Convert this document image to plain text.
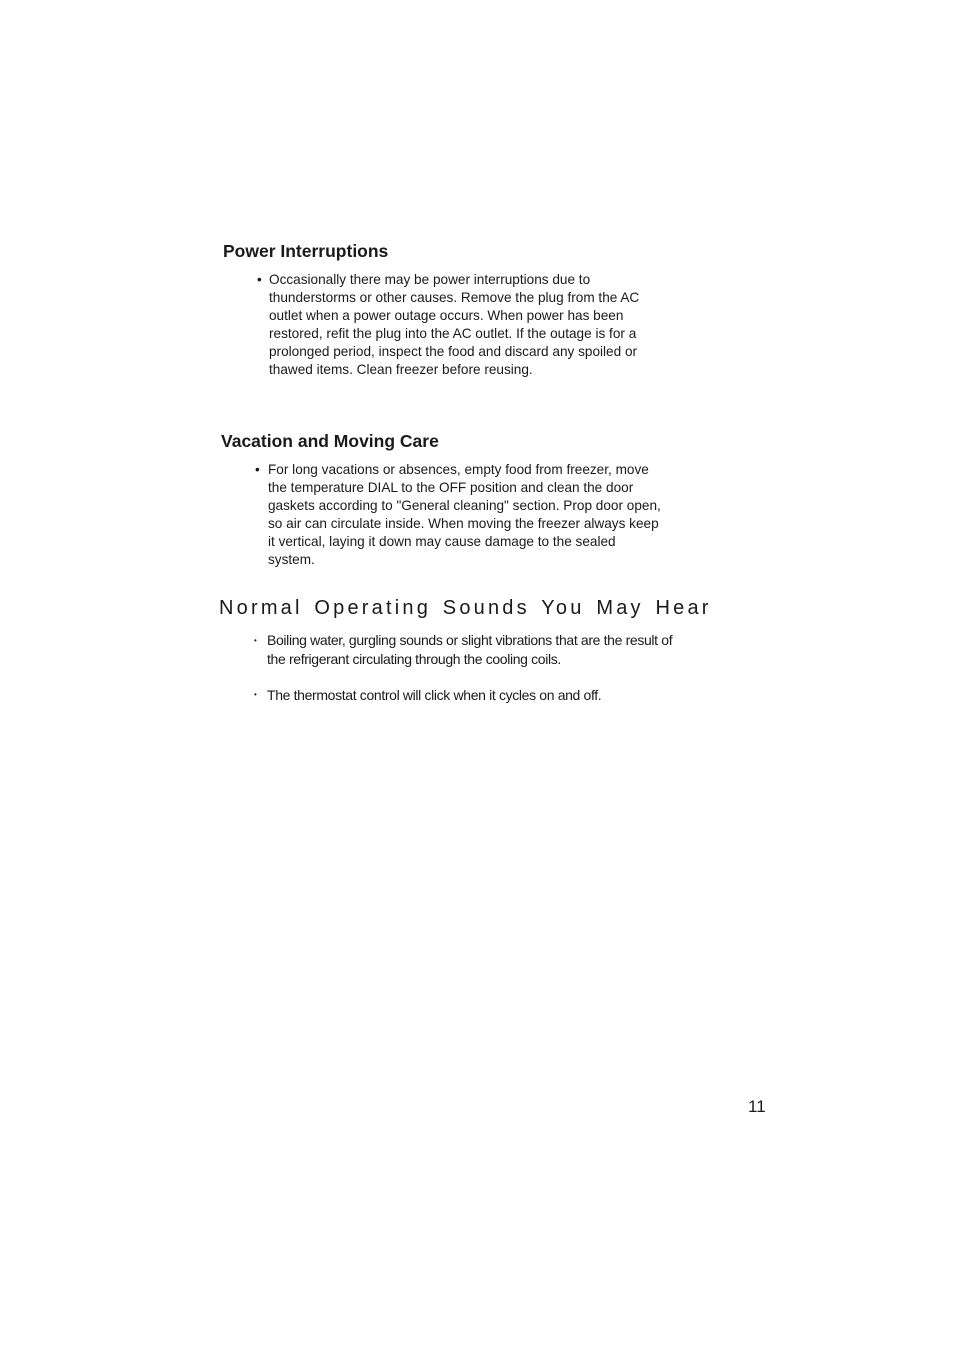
Power Interruptions
• Occasionally there may be power interruptions due to
thunderstorms or other causes. Remove the plug from the AC
outlet when a power outage occurs. When power has been
restored, refit the plug into the AC outlet. If the outage is for a
prolonged period, inspect the food and discard any spoiled or
thawed items. Clean freezer before reusing.

Vacation and Moving Care
• For long vacations or absences, empty food from freezer, move
the temperature DIAL to the OFF position and clean the door
gaskets according to "General cleaning" section. Prop door open,
so air can circulate inside. When moving the freezer always keep
it vertical, laying it down may cause damage to the sealed
system.

Normal Operating Sounds You May Hear
• Boiling water, gurgling sounds or slight vibrations that are the result of
the refrigerant circulating through the cooling coils.

• The thermostat control will click when it cycles on and off.

11
